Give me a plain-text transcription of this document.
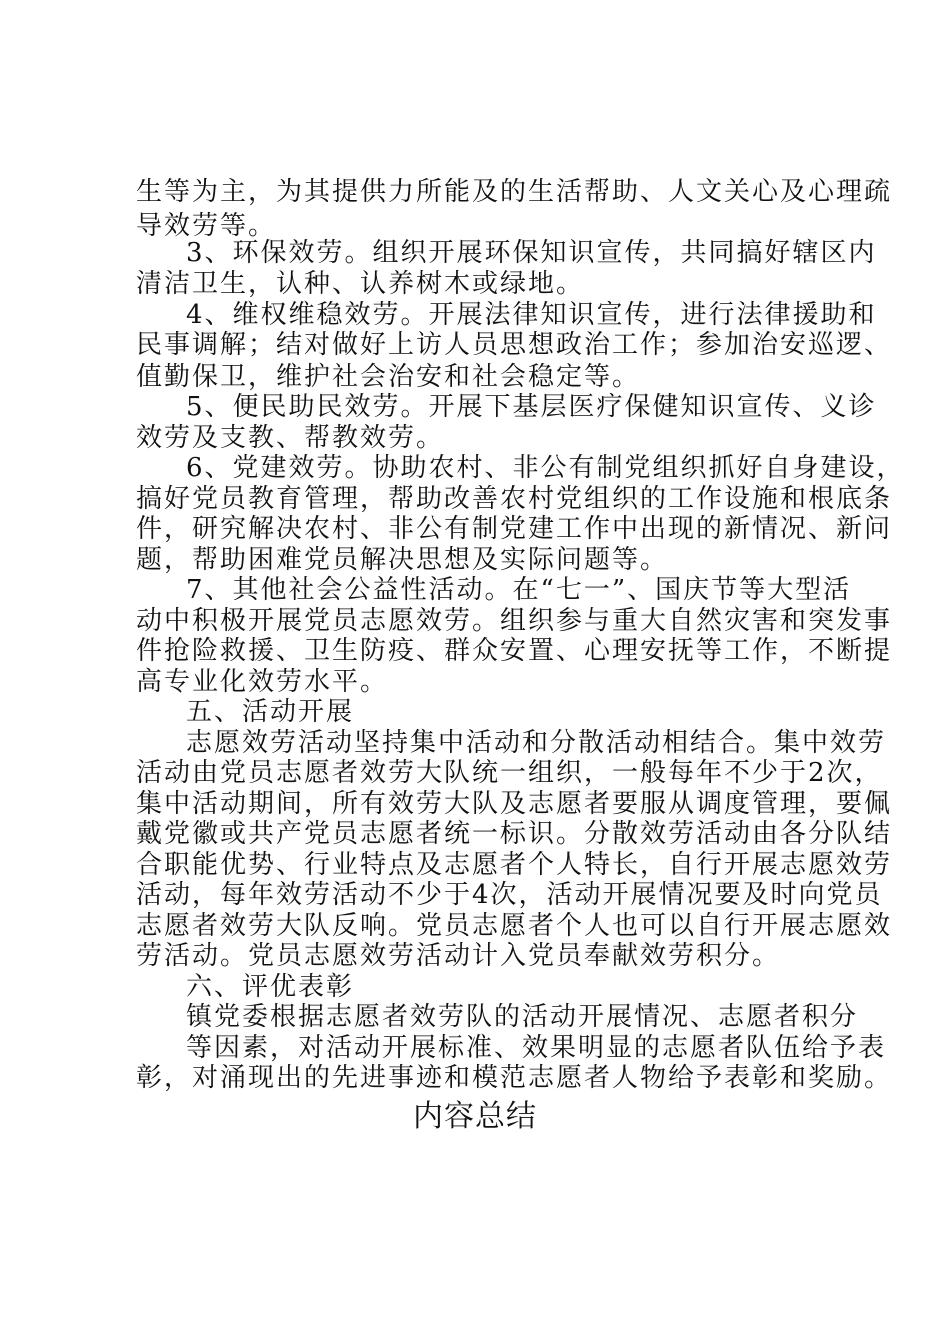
生等为主，为其提供力所能及的生活帮助、人文关心及心理疏
导效劳等。
3、环保效劳。组织开展环保知识宣传，共同搞好辖区内
清洁卫生，认种、认养树木或绿地。
4、维权维稳效劳。开展法律知识宣传，进行法律援助和
民事调解；结对做好上访人员思想政治工作；参加治安巡逻、
值勤保卫，维护社会治安和社会稳定等。
5、便民助民效劳。开展下基层医疗保健知识宣传、义诊
效劳及支教、帮教效劳。
6、党建效劳。协助农村、非公有制党组织抓好自身建设，
搞好党员教育管理，帮助改善农村党组织的工作设施和根底条
件，研究解决农村、非公有制党建工作中出现的新情况、新问
题，帮助困难党员解决思想及实际问题等。
7、其他社会公益性活动。在“七一”、国庆节等大型活
动中积极开展党员志愿效劳。组织参与重大自然灾害和突发事
件抢险救援、卫生防疫、群众安置、心理安抚等工作，不断提
高专业化效劳水平。
五、活动开展
志愿效劳活动坚持集中活动和分散活动相结合。集中效劳
活动由党员志愿者效劳大队统一组织，一般每年不少于2次，
集中活动期间，所有效劳大队及志愿者要服从调度管理，要佩
戴党徽或共产党员志愿者统一标识。分散效劳活动由各分队结
合职能优势、行业特点及志愿者个人特长，自行开展志愿效劳
活动，每年效劳活动不少于4次，活动开展情况要及时向党员
志愿者效劳大队反响。党员志愿者个人也可以自行开展志愿效
劳活动。党员志愿效劳活动计入党员奉献效劳积分。
六、评优表彰
镇党委根据志愿者效劳队的活动开展情况、志愿者积分
等因素，对活动开展标准、效果明显的志愿者队伍给予表
彰，对涌现出的先进事迹和模范志愿者人物给予表彰和奖励。
内容总结
